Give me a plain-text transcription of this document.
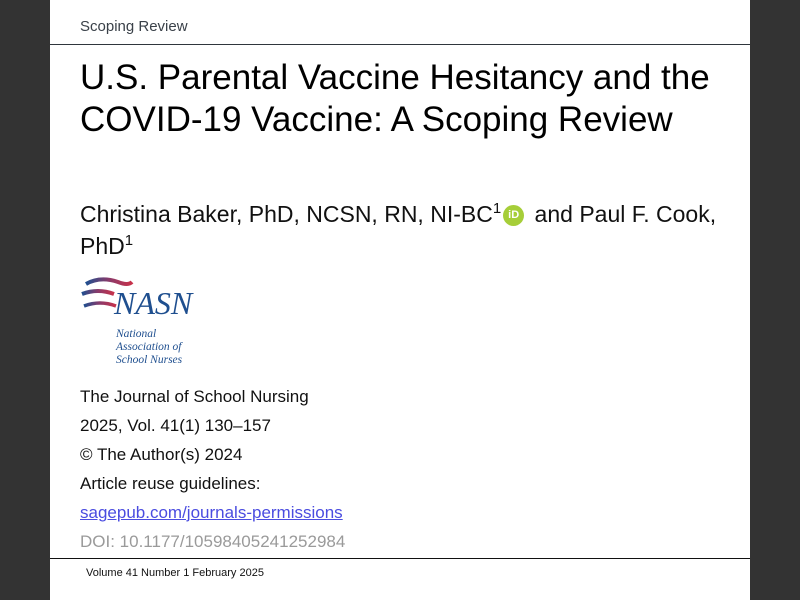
Scoping Review
U.S. Parental Vaccine Hesitancy and the COVID-19 Vaccine: A Scoping Review
Christina Baker, PhD, NCSN, RN, $NI-BC^1$ iD and Paul F. Cook, PhD$^1$
NASN
National
Association of
School Nurses
The Journal of School Nursing
2025, Vol. 41(1) 130–157
© The Author(s) 2024
Article reuse guidelines:
sagepub.com/journals-permissions
DOI: 10.1177/10598405241252984
Volume 41 Number 1 February 2025
